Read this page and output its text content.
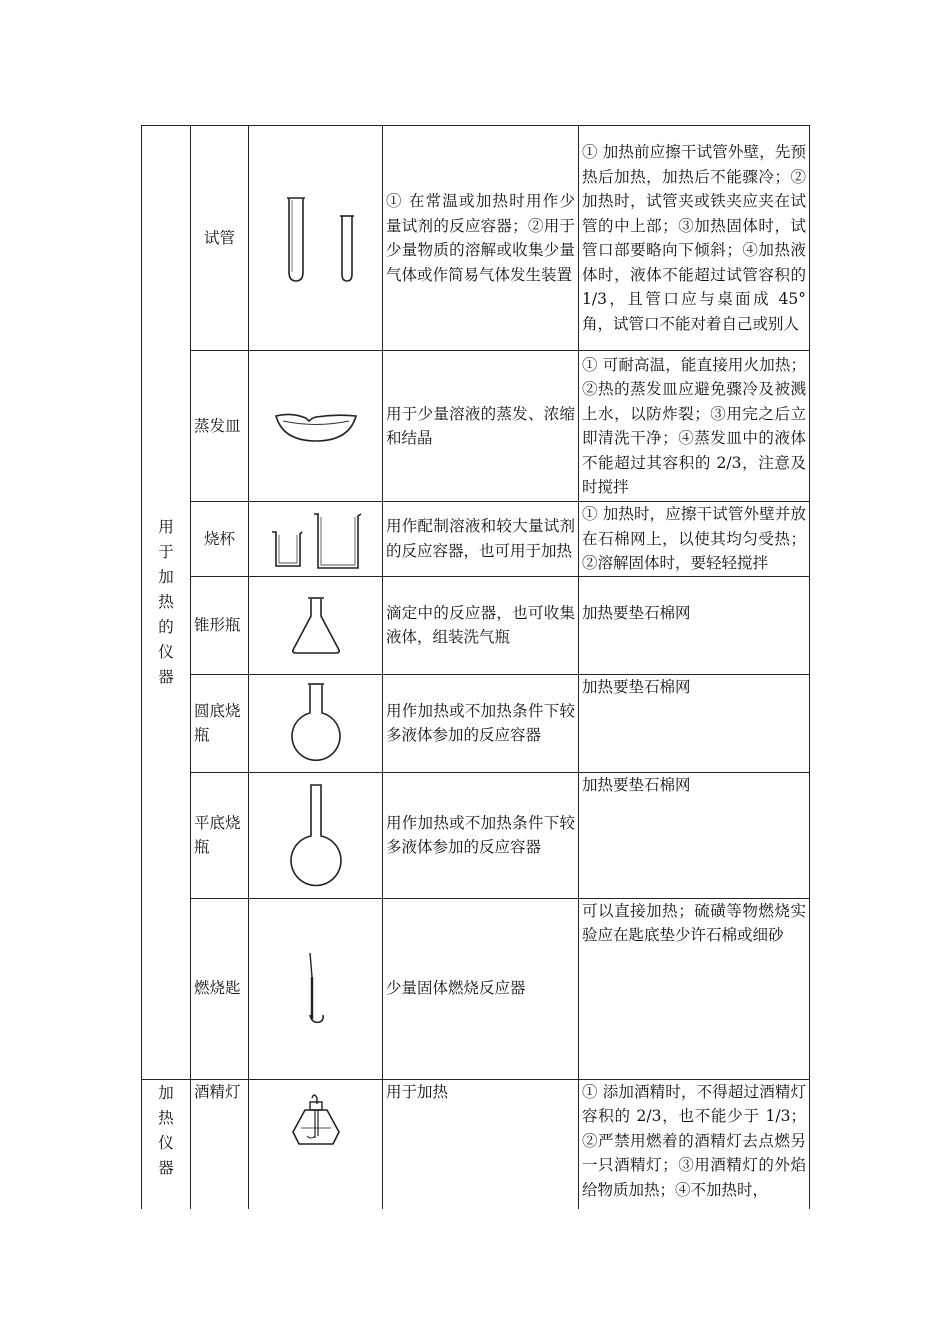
用于加热的仪器	试管		① 在常温或加热时用作少量试剂的反应容器；②用于少量物质的溶解或收集少量气体或作简易气体发生装置	① 加热前应擦干试管外壁，先预热后加热，加热后不能骤冷；②加热时，试管夹或铁夹应夹在试管的中上部；③加热固体时，试管口部要略向下倾斜；④加热液体时，液体不能超过试管容积的 1/3，且管口应与桌面成 45° 角，试管口不能对着自己或别人
	蒸发皿		用于少量溶液的蒸发、浓缩和结晶	① 可耐高温，能直接用火加热；②热的蒸发皿应避免骤冷及被溅上水，以防炸裂；③用完之后立即清洗干净；④蒸发皿中的液体不能超过其容积的 2/3，注意及时搅拌
	烧杯		用作配制溶液和较大量试剂的反应容器，也可用于加热	① 加热时，应擦干试管外壁并放在石棉网上，以使其均匀受热；②溶解固体时，要轻轻搅拌
	锥形瓶		滴定中的反应器，也可收集液体，组装洗气瓶	加热要垫石棉网

	圆底烧瓶		用作加热或不加热条件下较多液体参加的反应容器	加热要垫石棉网

	平底烧瓶		用作加热或不加热条件下较多液体参加的反应容器	加热要垫石棉网

	燃烧匙		少量固体燃烧反应器	可以直接加热；硫磺等物燃烧实验应在匙底垫少许石棉或细砂
加热仪器	酒精灯		用于加热	① 添加酒精时，不得超过酒精灯容积的 2/3，也不能少于 1/3；②严禁用燃着的酒精灯去点燃另一只酒精灯；③用酒精灯的外焰给物质加热；④不加热时，
